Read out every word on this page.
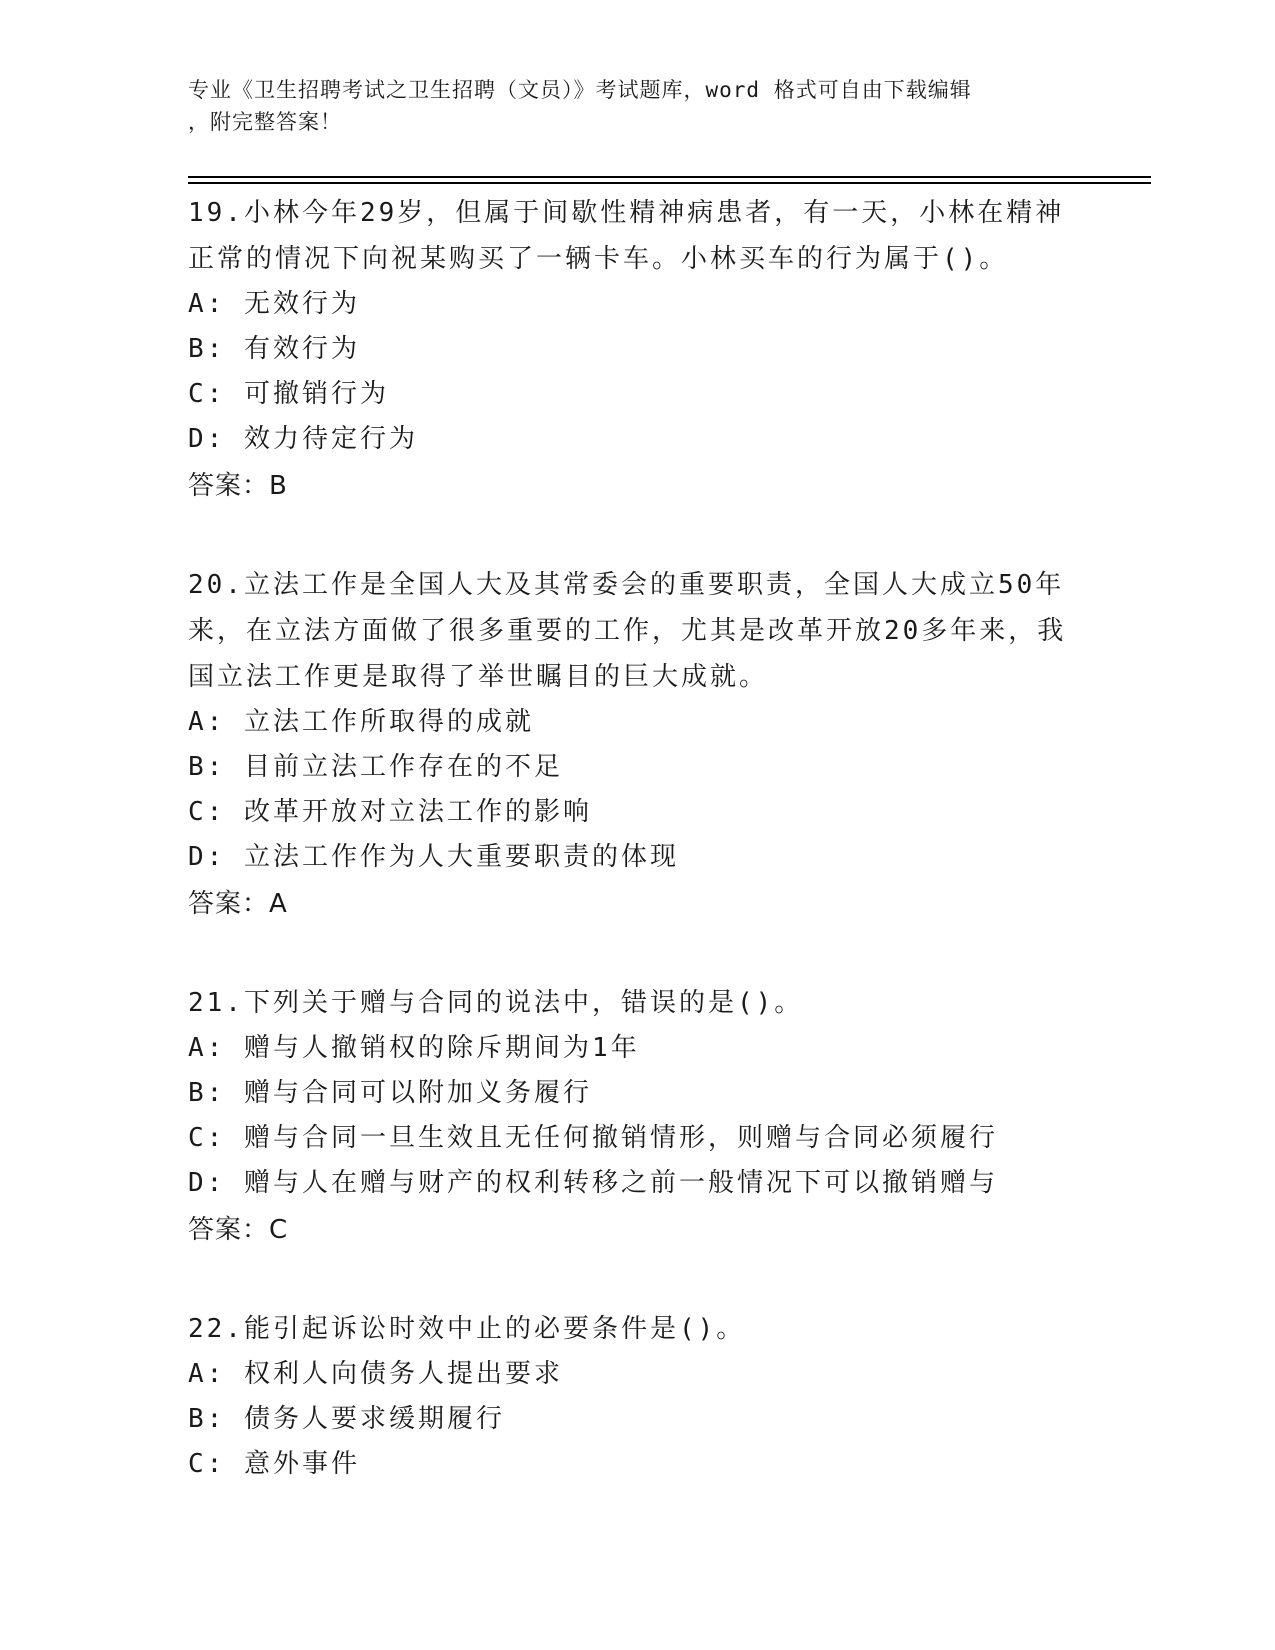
专业《卫生招聘考试之卫生招聘（文员）》考试题库，word 格式可自由下载编辑

，附完整答案！

19.小林今年29岁，但属于间歇性精神病患者，有一天，小林在精神正常的情况下向祝某购买了一辆卡车。小林买车的行为属于()。

A: 无效行为

B: 有效行为

C: 可撤销行为

D: 效力待定行为

答案：B

20.立法工作是全国人大及其常委会的重要职责，全国人大成立50年来，在立法方面做了很多重要的工作，尤其是改革开放20多年来，我国立法工作更是取得了举世瞩目的巨大成就。

A: 立法工作所取得的成就

B: 目前立法工作存在的不足

C: 改革开放对立法工作的影响

D: 立法工作作为人大重要职责的体现

答案：A

21.下列关于赠与合同的说法中，错误的是()。

A: 赠与人撤销权的除斥期间为1年

B: 赠与合同可以附加义务履行

C: 赠与合同一旦生效且无任何撤销情形，则赠与合同必须履行

D: 赠与人在赠与财产的权利转移之前一般情况下可以撤销赠与

答案：C

22.能引起诉讼时效中止的必要条件是()。

A: 权利人向债务人提出要求

B: 债务人要求缓期履行

C: 意外事件
